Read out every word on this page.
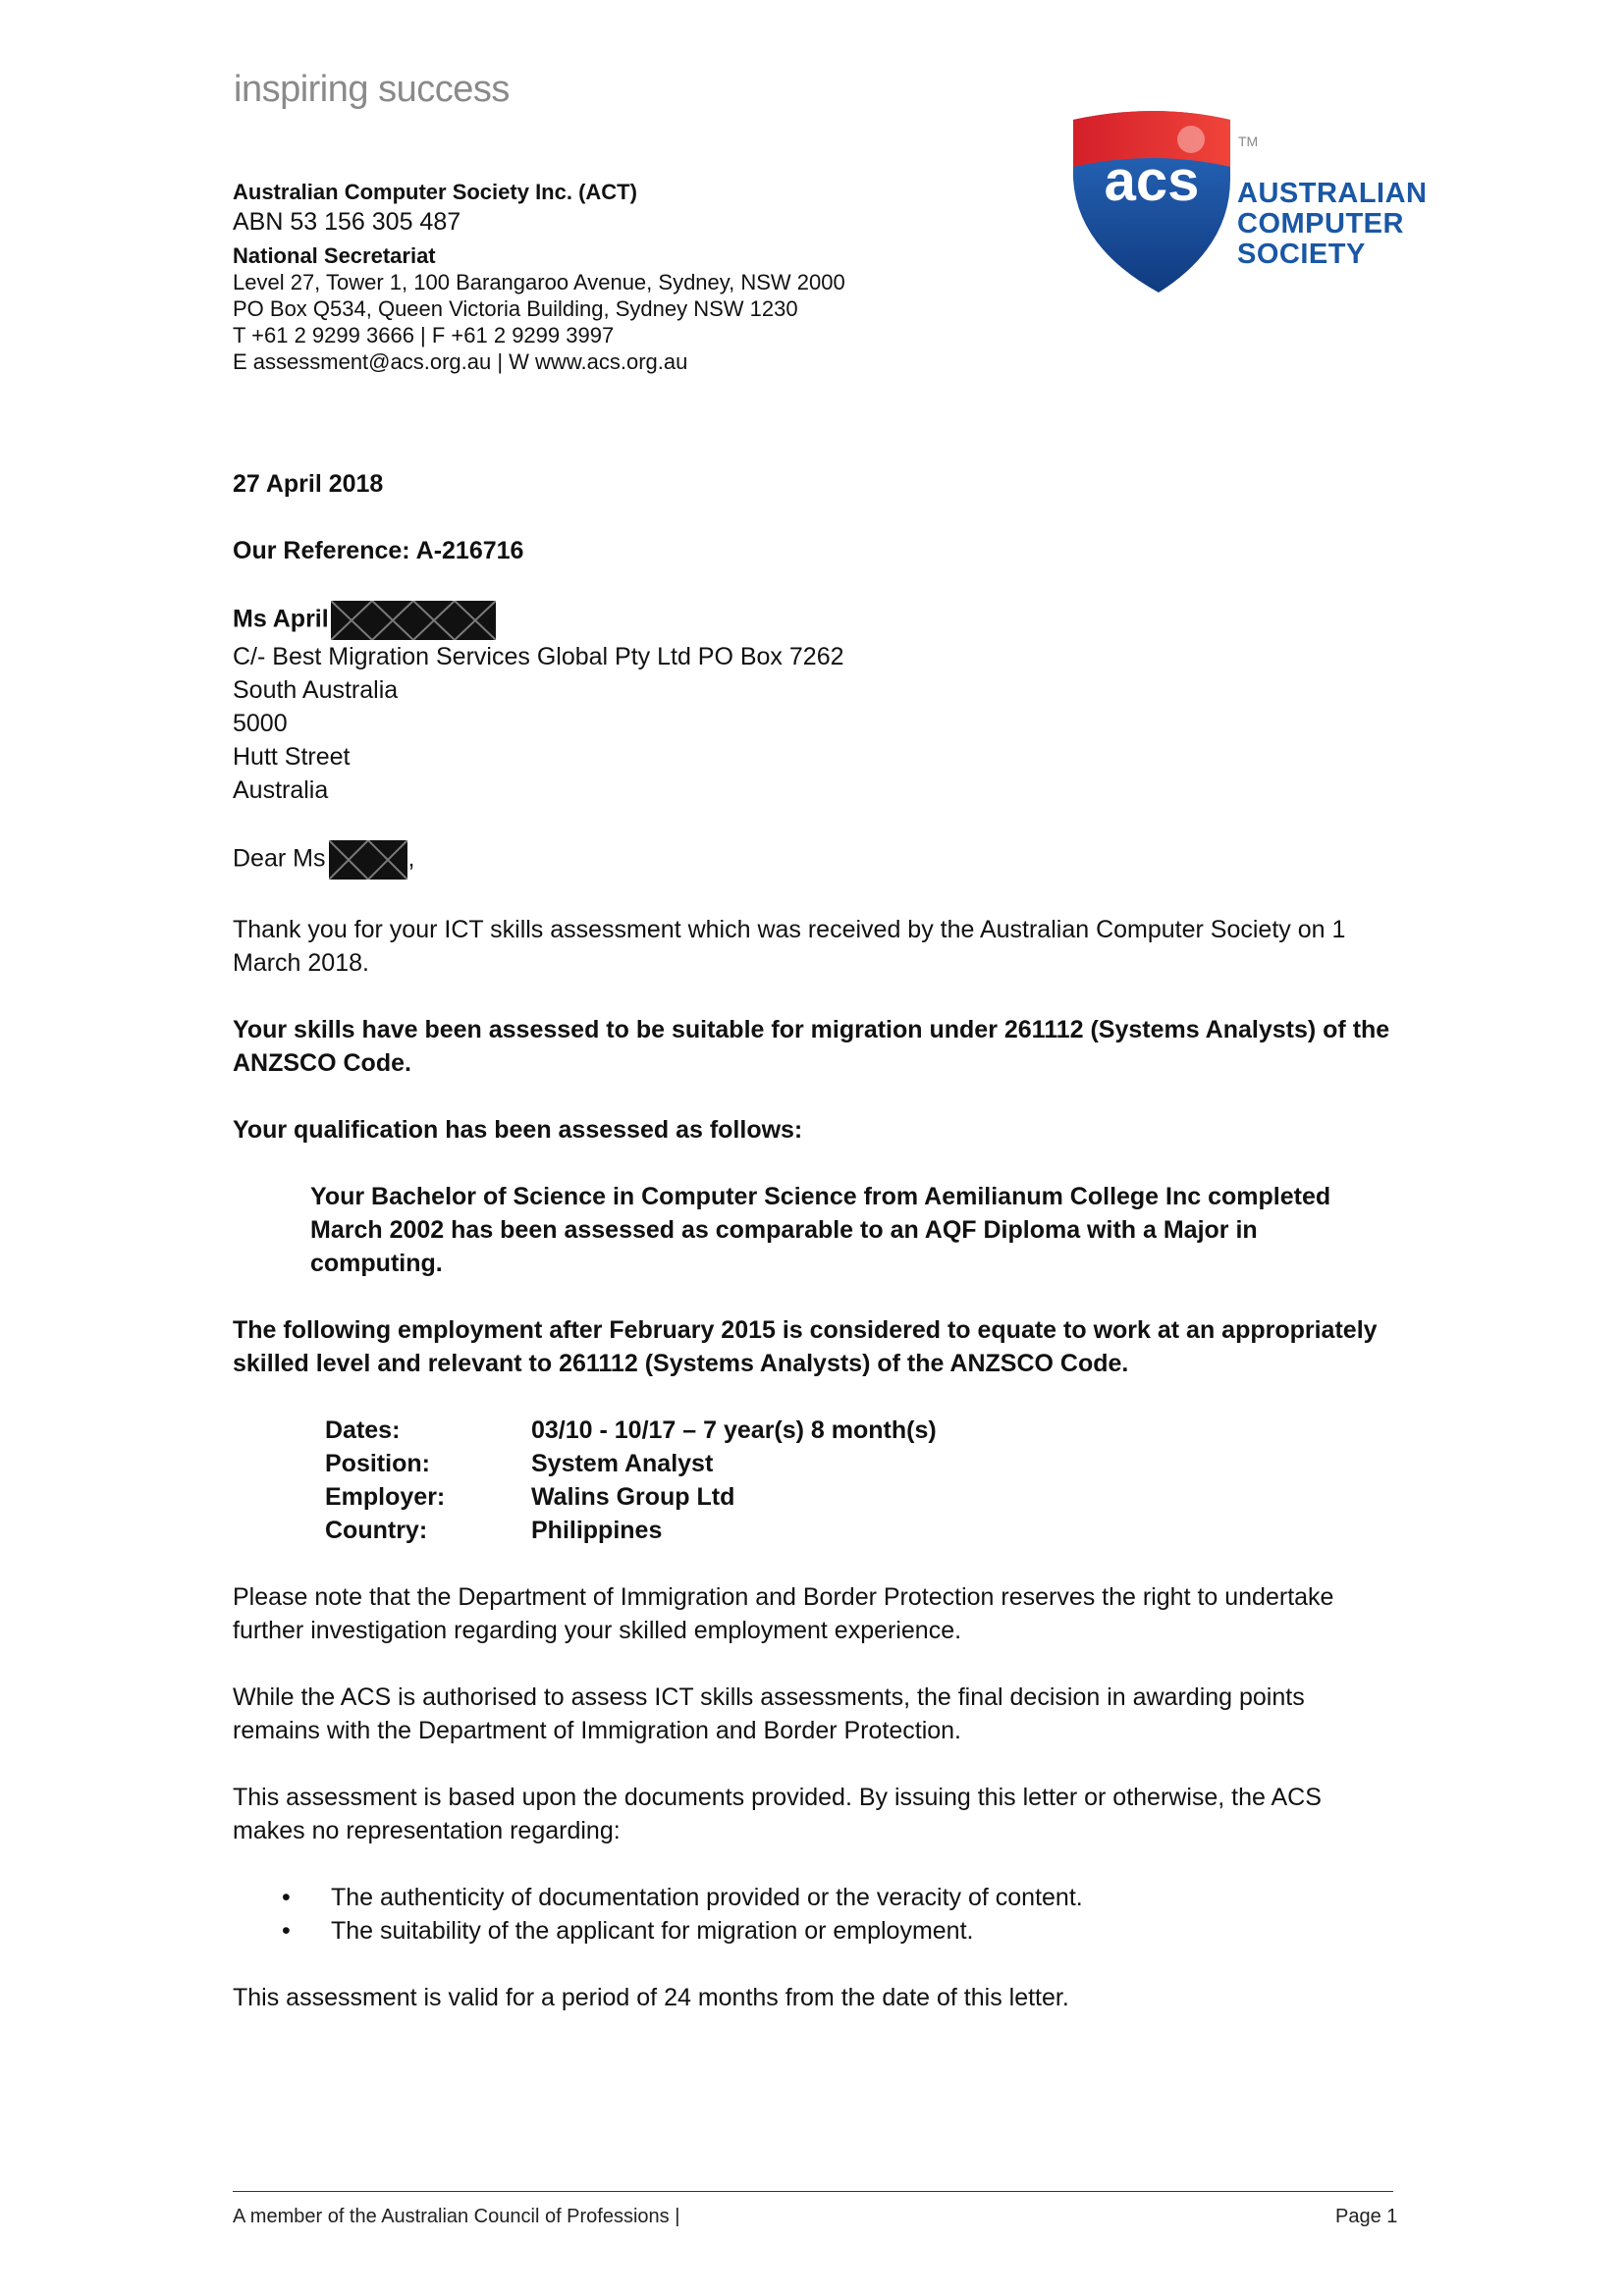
inspiring success
Australian Computer Society Inc. (ACT)
ABN 53 156 305 487
National Secretariat
Level 27, Tower 1, 100 Barangaroo Avenue, Sydney, NSW 2000
PO Box Q534, Queen Victoria Building, Sydney NSW 1230
T +61 2 9299 3666 | F +61 2 9299 3997
E assessment@acs.org.au | W www.acs.org.au
acs
TM
AUSTRALIAN
COMPUTER
SOCIETY

27 April 2018

Our Reference: A-216716

Ms April
C/- Best Migration Services Global Pty Ltd PO Box 7262
South Australia
5000
Hutt Street
Australia
Dear Ms	,

Thank you for your ICT skills assessment which was received by the Australian Computer Society on 1 March 2018.

Your skills have been assessed to be suitable for migration under 261112 (Systems Analysts) of the ANZSCO Code.

Your qualification has been assessed as follows:

Your Bachelor of Science in Computer Science from Aemilianum College Inc completed March 2002 has been assessed as comparable to an AQF Diploma with a Major in computing.

The following employment after February 2015 is considered to equate to work at an appropriately skilled level and relevant to 261112 (Systems Analysts) of the ANZSCO Code.

Dates:	03/10 - 10/17 – 7 year(s) 8 month(s)
Position:	System Analyst
Employer:	Walins Group Ltd
Country:	Philippines

Please note that the Department of Immigration and Border Protection reserves the right to undertake further investigation regarding your skilled employment experience.

While the ACS is authorised to assess ICT skills assessments, the final decision in awarding points remains with the Department of Immigration and Border Protection.

This assessment is based upon the documents provided. By issuing this letter or otherwise, the ACS makes no representation regarding:

• The authenticity of documentation provided or the veracity of content.
• The suitability of the applicant for migration or employment.

This assessment is valid for a period of 24 months from the date of this letter.

A member of the Australian Council of Professions |	Page 1
